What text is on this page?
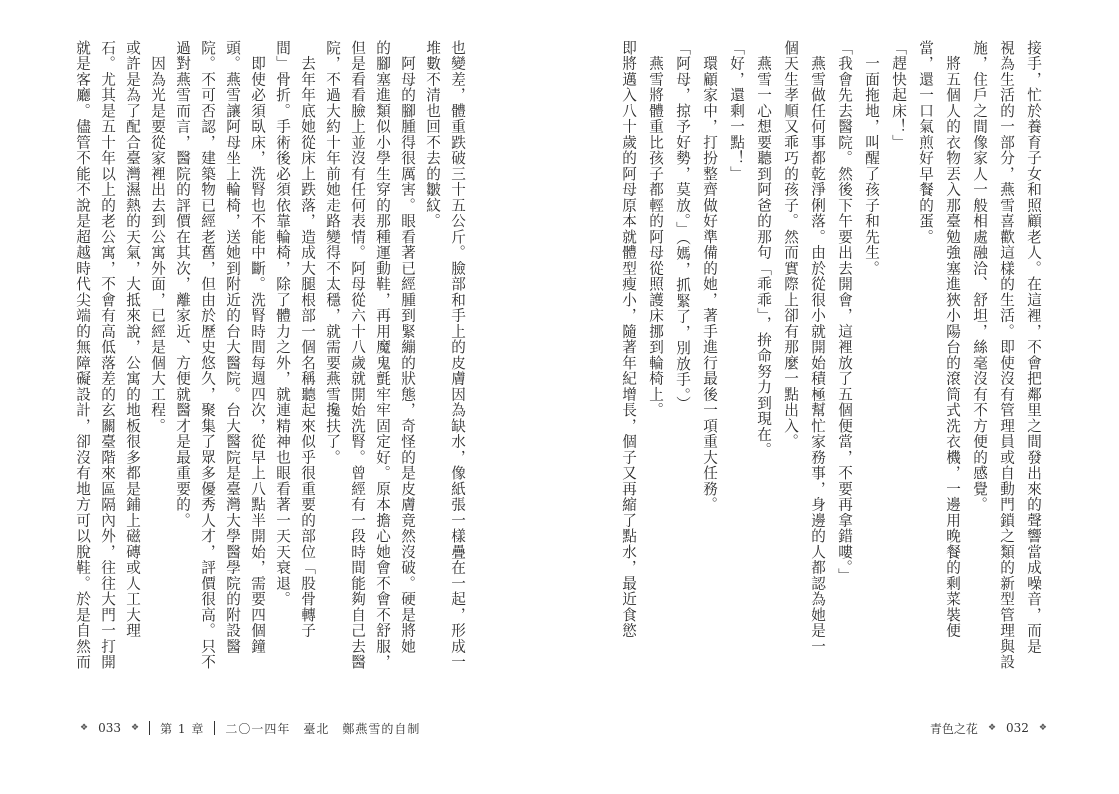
就是客廳。儘管不能不說是超越時代尖端的無障礙設計，卻沒有地方可以脫鞋。於是自然而 石。尤其是五十年以上的老公寓，不會有高低落差的玄關臺階來區隔內外，往往大門一打開 或許是為了配合臺灣濕熱的天氣，大抵來說，公寓的地板很多都是鋪上磁磚或人工大理 　因為光是要從家裡出去到公寓外面，已經是個大工程。 過對燕雪而言，醫院的評價在其次，離家近、方便就醫才是最重要的。 院。不可否認，建築物已經老舊，但由於歷史悠久，聚集了眾多優秀人才，評價很高。只不 頭。燕雪讓阿母坐上輪椅，送她到附近的台大醫院。台大醫院是臺灣大學醫學院的附設醫 　即使必須臥床，洗腎也不能中斷。洗腎時間每週四次，從早上八點半開始，需要四個鐘 間」骨折。手術後必須依靠輪椅，除了體力之外，就連精神也眼看著一天天衰退。 　去年年底她從床上跌落，造成大腿根部一個名稱聽起來似乎很重要的部位「股骨轉子 院，不過大約十年前她走路變得不太穩，就需要燕雪攙扶了。 但是看看臉上並沒有任何表情。阿母從六十八歲就開始洗腎。曾經有一段時間能夠自己去醫 的腳塞進類似小學生穿的那種運動鞋，再用魔鬼氈牢牢固定好。原本擔心她會不會不舒服， 　阿母的腳腫得很厲害。眼看著已經腫到緊繃的狀態，奇怪的是皮膚竟然沒破。硬是將她 堆數不清也回不去的皺紋。 也變差，體重跌破三十五公斤。臉部和手上的皮膚因為缺水，像紙張一樣疊在一起，形成一	即將邁入八十歲的阿母原本就體型瘦小，隨著年紀增長，個子又再縮了點水，最近食慾 　燕雪將體重比孩子都輕的阿母從照護床挪到輪椅上。 「阿母，掠予好勢，莫放。」（媽，抓緊了，別放手。） 　環顧家中，打扮整齊做好準備的她，著手進行最後一項重大任務。 「好，還剩一點！」 　燕雪一心想要聽到阿爸的那句「乖乖」，拚命努力到現在。 個天生孝順又乖巧的孩子。然而實際上卻有那麼一點出入。 　燕雪做任何事都乾淨俐落。由於從很小就開始積極幫忙家務事，身邊的人都認為她是一 「我會先去醫院。然後下午要出去開會，這裡放了五個便當，不要再拿錯嘍。」 　一面拖地，叫醒了孩子和先生。 「趕快起床！」 當，還一口氣煎好早餐的蛋。 　將五個人的衣物丟入那臺勉強塞進狹小陽台的滾筒式洗衣機，一邊用晚餐的剩菜裝便 施，住戶之間像家人一般相處融洽、舒坦，絲毫沒有不方便的感覺。 視為生活的一部分，燕雪喜歡這樣的生活。即使沒有管理員或自動門鎖之類的新型管理與設 接手，忙於養育子女和照顧老人。在這裡，不會把鄰里之間發出來的聲響當成噪音，而是
❖ 033 ❖ 第 1 章 二〇一四年　臺北　鄭燕雪的自制	青色之花 ❖ 032 ❖
